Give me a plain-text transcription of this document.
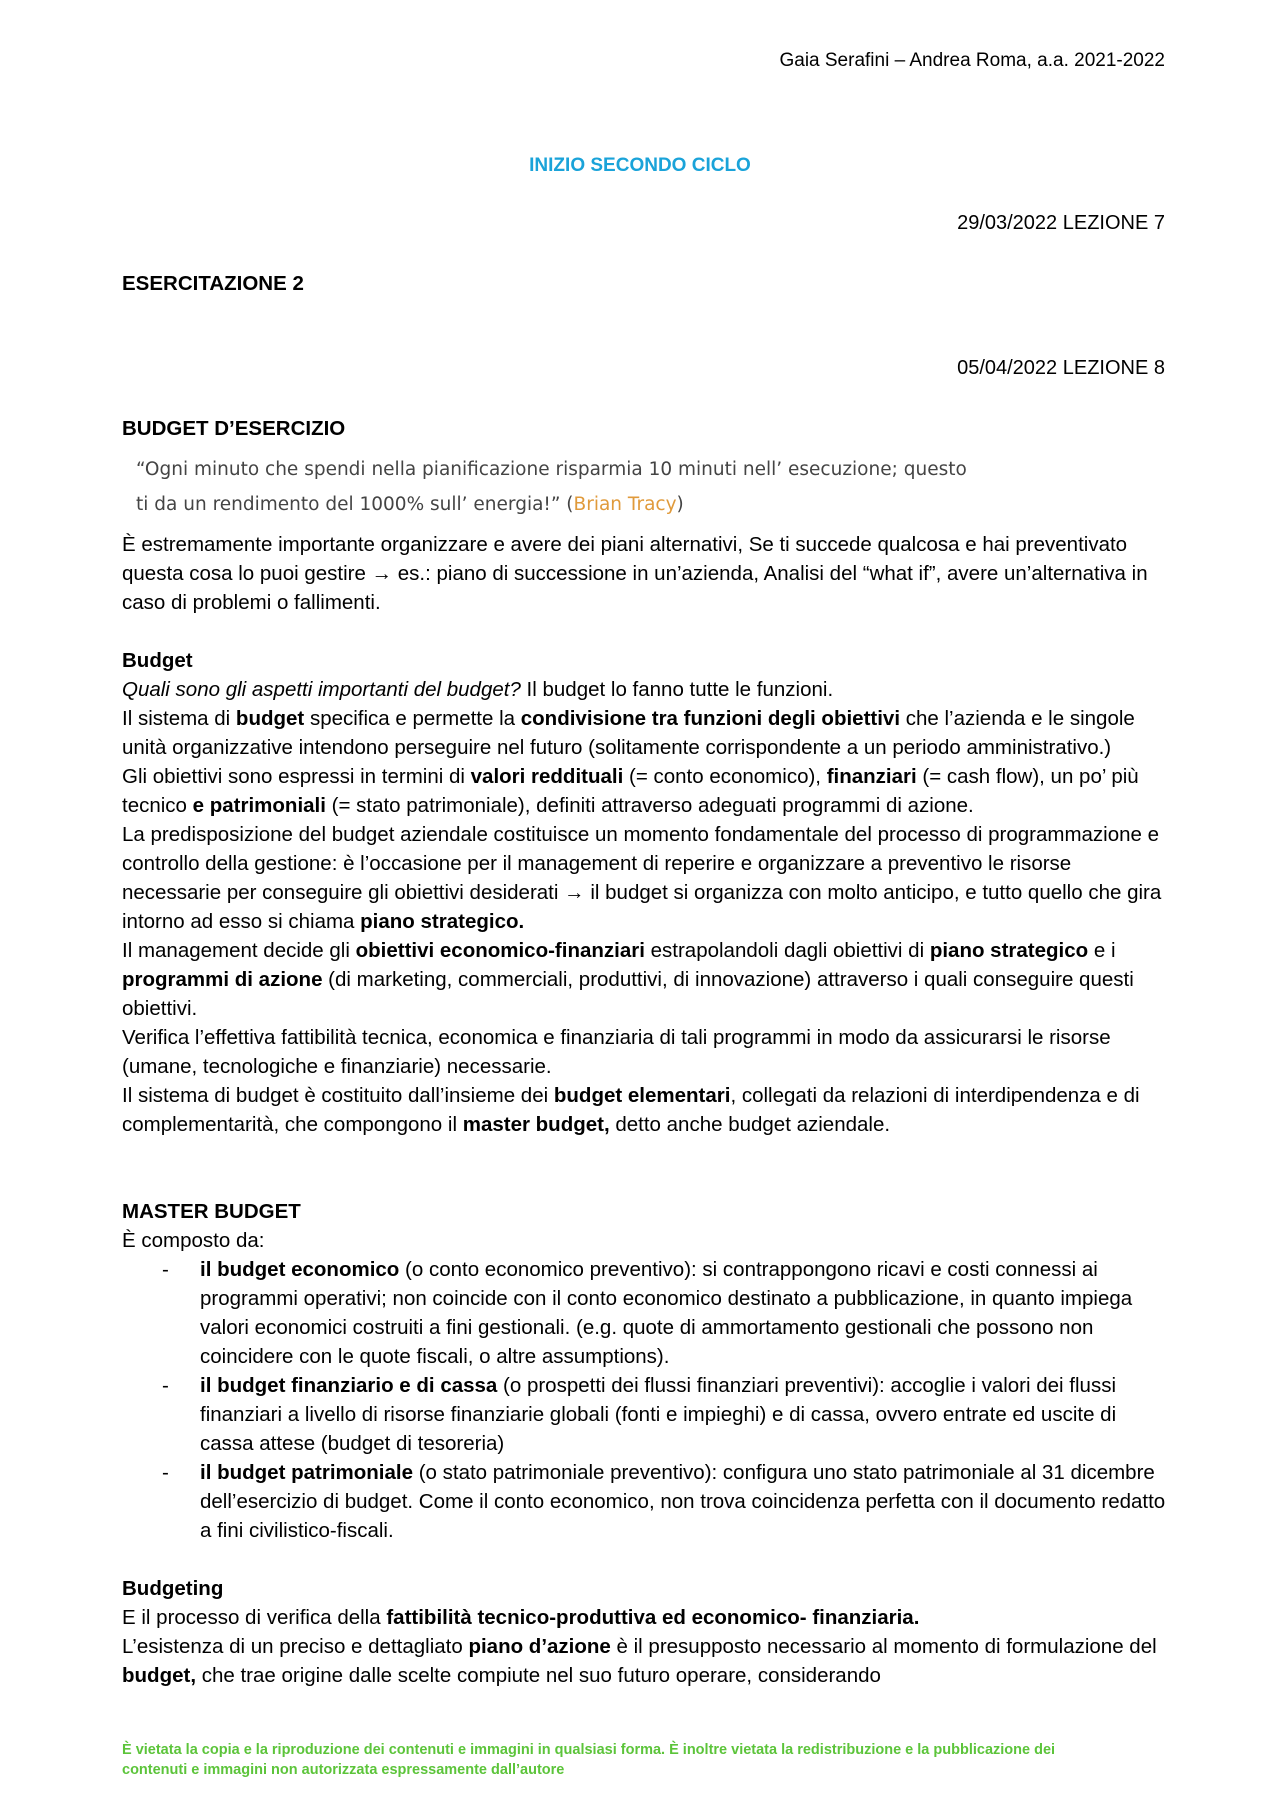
Gaia Serafini – Andrea Roma, a.a. 2021-2022
INIZIO SECONDO CICLO
29/03/2022 LEZIONE 7
ESERCITAZIONE 2
05/04/2022 LEZIONE 8
BUDGET D’ESERCIZIO
“Ogni minuto che spendi nella pianificazione risparmia 10 minuti nell’ esecuzione; questo
ti da un rendimento del 1000% sull’ energia!” (Brian Tracy)

È estremamente importante organizzare e avere dei piani alternativi, Se ti succede qualcosa e hai preventivato questa cosa lo puoi gestire → es.: piano di successione in un’azienda, Analisi del “what if”, avere un’alternativa in caso di problemi o fallimenti.

Budget

Quali sono gli aspetti importanti del budget? Il budget lo fanno tutte le funzioni.

Il sistema di budget specifica e permette la condivisione tra funzioni degli obiettivi che l’azienda e le singole unità organizzative intendono perseguire nel futuro (solitamente corrispondente a un periodo amministrativo.)

Gli obiettivi sono espressi in termini di valori reddituali (= conto economico), finanziari (= cash flow), un po’ più tecnico e patrimoniali (= stato patrimoniale), definiti attraverso adeguati programmi di azione.

La predisposizione del budget aziendale costituisce un momento fondamentale del processo di programmazione e controllo della gestione: è l’occasione per il management di reperire e organizzare a preventivo le risorse necessarie per conseguire gli obiettivi desiderati → il budget si organizza con molto anticipo, e tutto quello che gira intorno ad esso si chiama piano strategico.

Il management decide gli obiettivi economico-finanziari estrapolandoli dagli obiettivi di piano strategico e i programmi di azione (di marketing, commerciali, produttivi, di innovazione) attraverso i quali conseguire questi obiettivi.

Verifica l’effettiva fattibilità tecnica, economica e finanziaria di tali programmi in modo da assicurarsi le risorse (umane, tecnologiche e finanziarie) necessarie.

Il sistema di budget è costituito dall’insieme dei budget elementari, collegati da relazioni di interdipendenza e di complementarità, che compongono il master budget, detto anche budget aziendale.

MASTER BUDGET
È composto da:
- il budget economico (o conto economico preventivo): si contrappongono ricavi e costi connessi ai programmi operativi; non coincide con il conto economico destinato a pubblicazione, in quanto impiega valori economici costruiti a fini gestionali. (e.g. quote di ammortamento gestionali che possono non coincidere con le quote fiscali, o altre assumptions).
- il budget finanziario e di cassa (o prospetti dei flussi finanziari preventivi): accoglie i valori dei flussi finanziari a livello di risorse finanziarie globali (fonti e impieghi) e di cassa, ovvero entrate ed uscite di cassa attese (budget di tesoreria)
- il budget patrimoniale (o stato patrimoniale preventivo): configura uno stato patrimoniale al 31 dicembre dell’esercizio di budget. Come il conto economico, non trova coincidenza perfetta con il documento redatto a fini civilistico-fiscali.

Budgeting

E il processo di verifica della fattibilità tecnico-produttiva ed economico- finanziaria.

L’esistenza di un preciso e dettagliato piano d’azione è il presupposto necessario al momento di formulazione del budget, che trae origine dalle scelte compiute nel suo futuro operare, considerando

È vietata la copia e la riproduzione dei contenuti e immagini in qualsiasi forma. È inoltre vietata la redistribuzione e la pubblicazione dei contenuti e immagini non autorizzata espressamente dall’autore
